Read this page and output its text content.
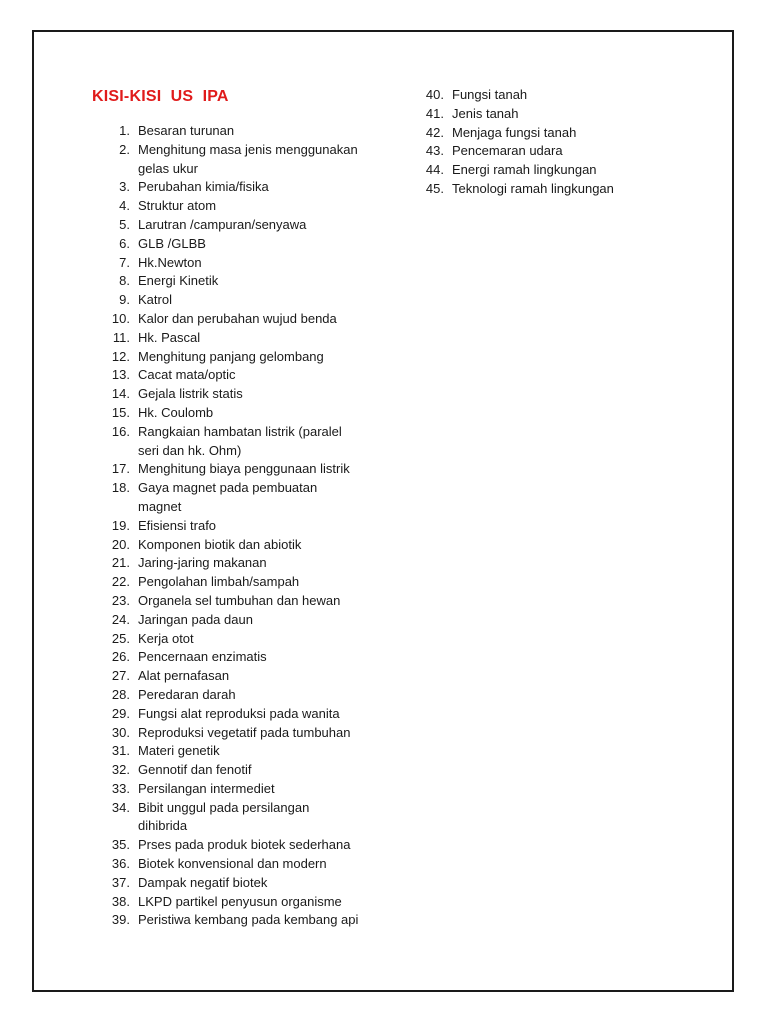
KISI-KISI  US  IPA
1. Besaran turunan
2. Menghitung masa jenis menggunakan
gelas ukur
3. Perubahan kimia/fisika
4. Struktur atom
5. Larutran /campuran/senyawa
6. GLB /GLBB
7. Hk.Newton
8. Energi Kinetik
9. Katrol
10. Kalor dan perubahan wujud benda
11. Hk. Pascal
12. Menghitung panjang gelombang
13. Cacat mata/optic
14. Gejala listrik statis
15. Hk. Coulomb
16. Rangkaian hambatan listrik (paralel
seri dan hk. Ohm)
17. Menghitung biaya penggunaan listrik
18. Gaya magnet pada pembuatan
magnet
19. Efisiensi trafo
20. Komponen biotik dan abiotik
21. Jaring-jaring makanan
22. Pengolahan limbah/sampah
23. Organela sel tumbuhan dan hewan
24. Jaringan pada daun
25. Kerja otot
26. Pencernaan enzimatis
27. Alat pernafasan
28. Peredaran darah
29. Fungsi alat reproduksi pada wanita
30. Reproduksi vegetatif pada tumbuhan
31. Materi genetik
32. Gennotif dan fenotif
33. Persilangan intermediet
34. Bibit unggul pada persilangan
dihibrida
35. Prses pada produk biotek sederhana
36. Biotek konvensional dan modern
37. Dampak negatif biotek
38. LKPD partikel penyusun organisme
39. Peristiwa kembang pada kembang api
40. Fungsi tanah
41. Jenis tanah
42. Menjaga fungsi tanah
43. Pencemaran udara
44. Energi ramah lingkungan
45. Teknologi ramah lingkungan
